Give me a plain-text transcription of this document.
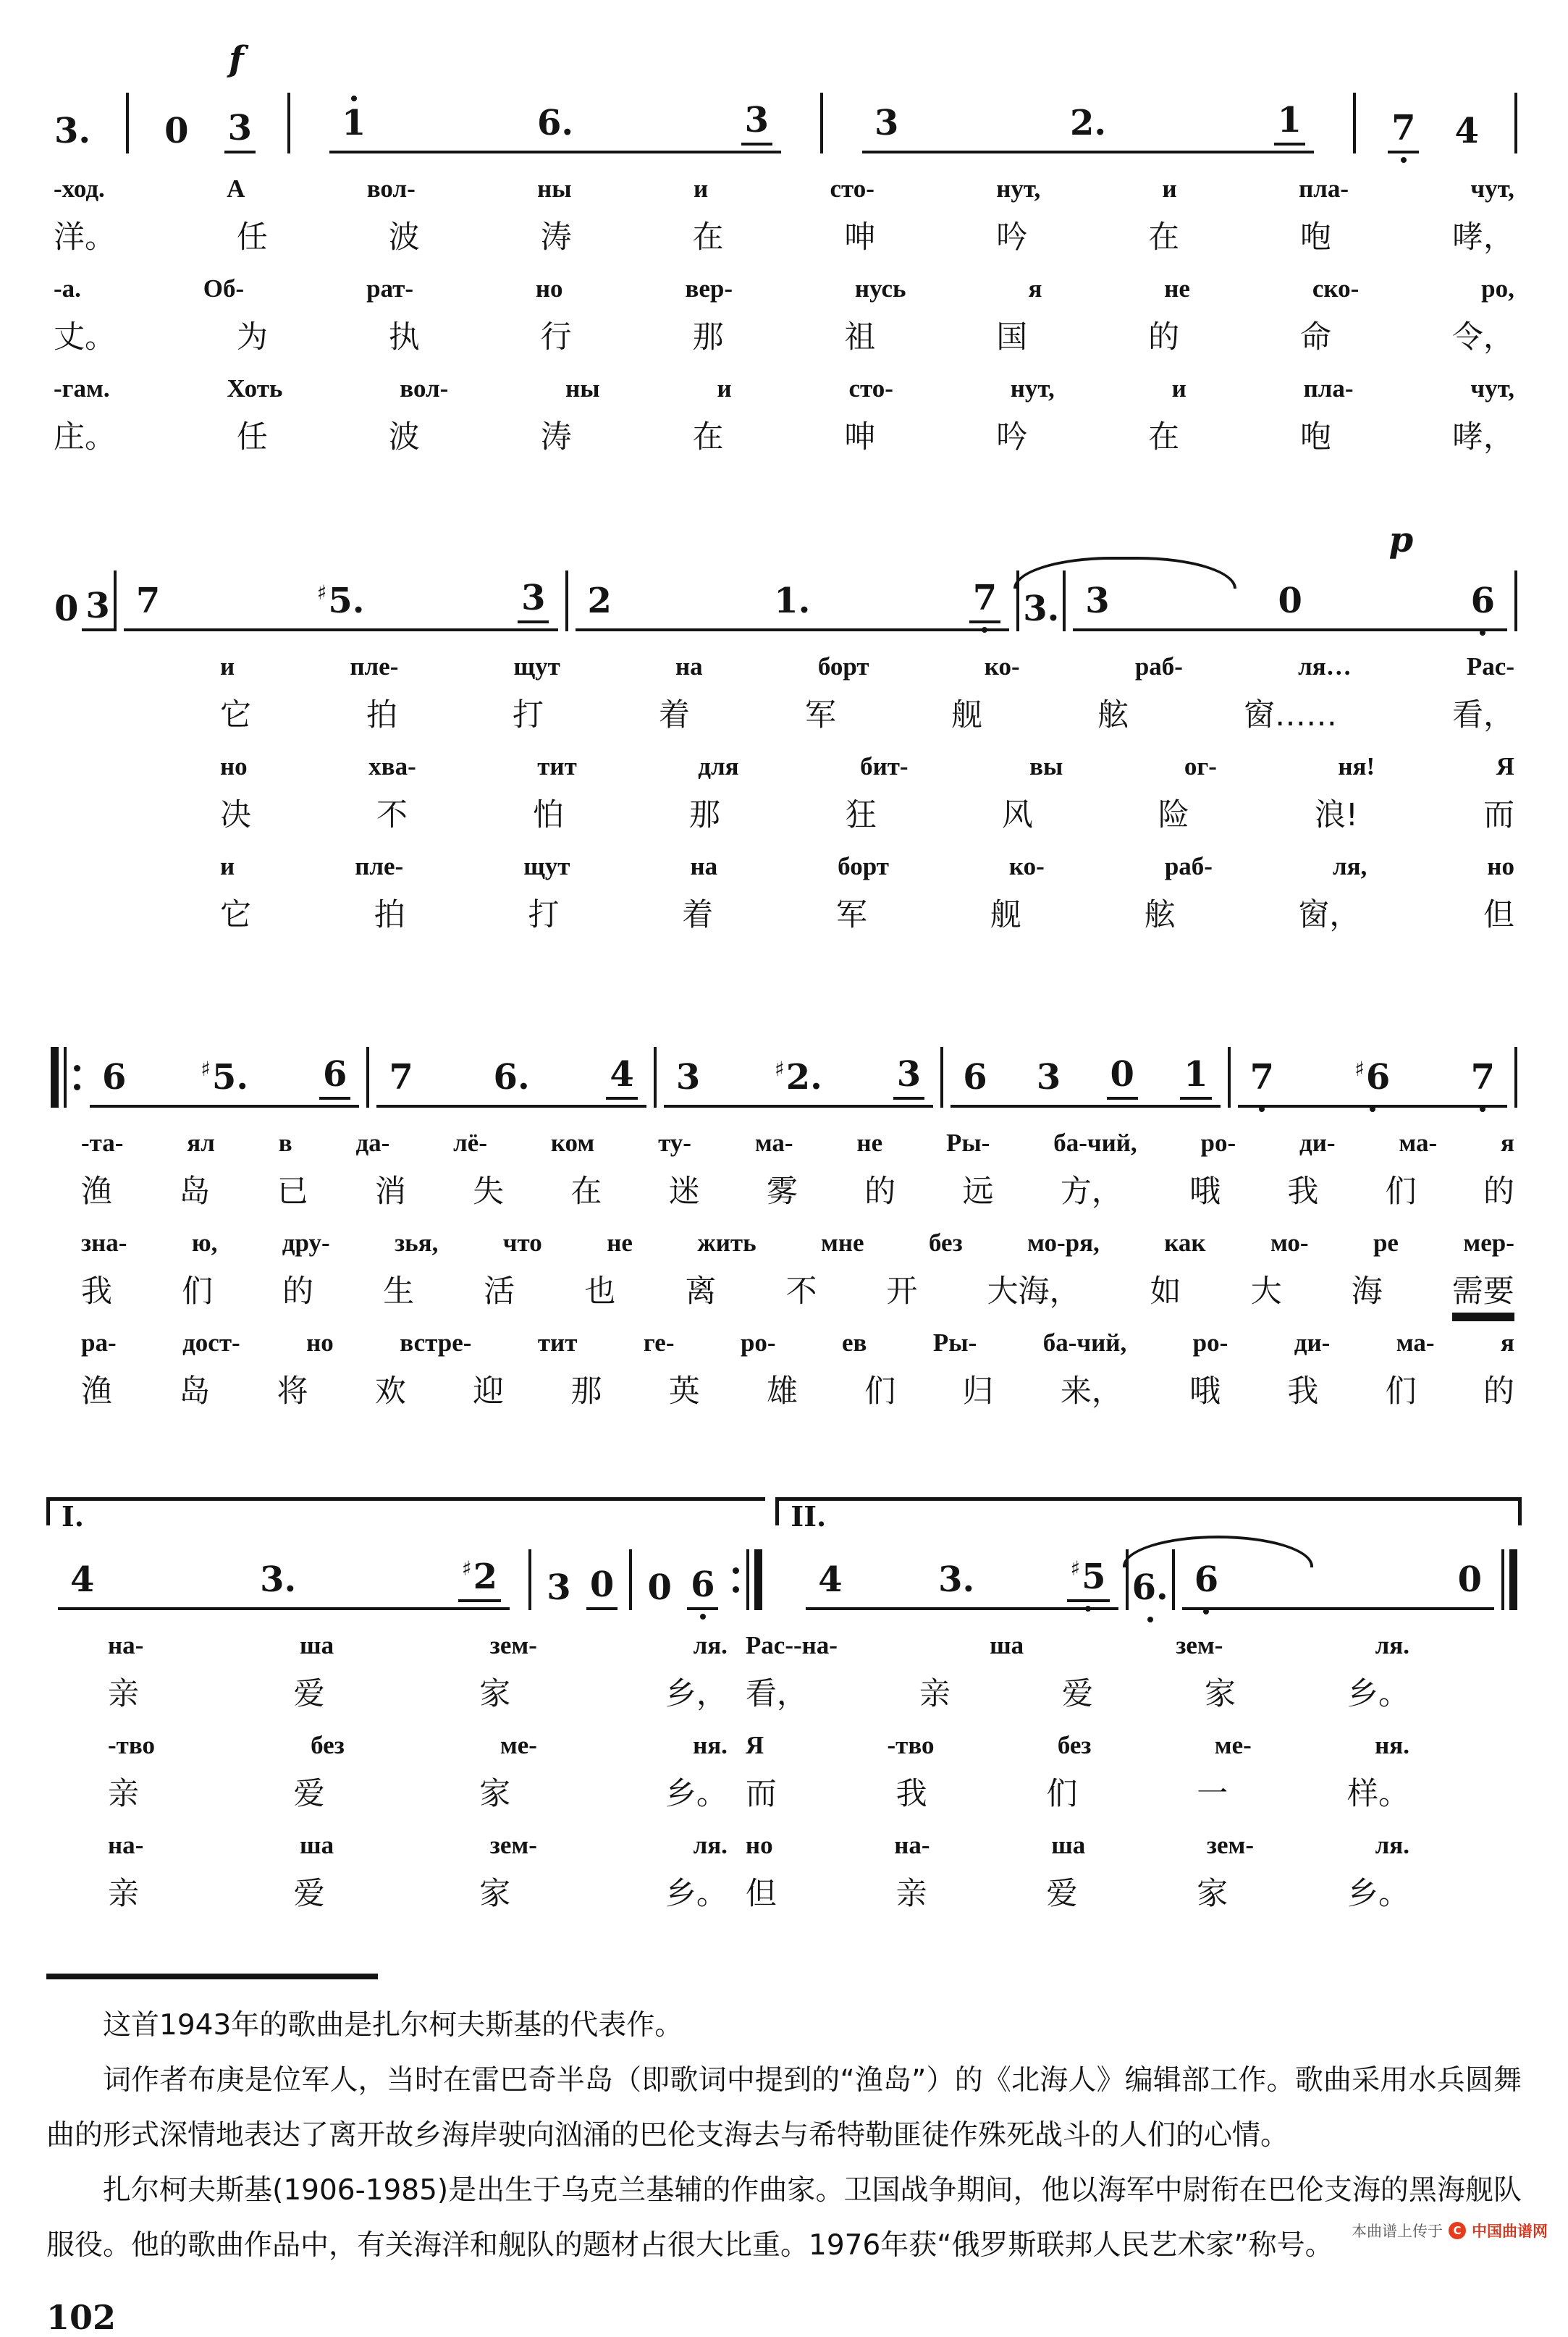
f
3. 0 3	1	6.	3	3	2.	1	7 4
-ход.	А	вол-	ны	и	сто-	нут,	и	пла-	чут,
洋。	任	波	涛	在	呻	吟	在	咆	哮，
-а.	Об-	рат-	но	вер-	нусь	я	не	ско-	ро,
丈。	为	执	行	那	祖	国	的	命	令，
-гам.	Хоть	вол-	ны	и	сто-	нут,	и	пла-	чут,
庄。	任	波	涛	在	呻	吟	在	咆	哮，
p
0 3 7	♯5.	3 2	1.	7 3. 3	0	6
и	пле-	щут	на	борт	ко-	раб-	ля…	Рас-
它	拍	打	着	军	舰	舷	窗……	看，
но	хва-	тит	для	бит-	вы	ог-	ня!	Я
决	不	怕	那	狂	风	险	浪!	而
и	пле-	щут	на	борт	ко-	раб-	ля,	но
它	拍	打	着	军	舰	舷	窗，	但
6	♯5. 6 7 6. 4 3	♯2. 3 6 3 0 1 7	♯6 7
-та-	ял	в	да-	лё-	ком	ту-	ма-	не	Ры-	ба-чий,	ро-	ди-	ма-	я
渔 岛 已 消 失 在 迷 雾 的 远 方， 哦 我 们 的
зна-	ю,	дру-	зья,	что	не	жить	мне	без	мо-ря,	как	мо-	ре	мер-
我 们 的 生 活 也 离 不 开 大海， 如 大 海 需要
ра-	дост-	но	встре-	тит	ге-	ро-	ев	Ры-	ба-чий,	ро-	ди-	ма-	я
渔 岛 将 欢 迎 那 英 雄 们 归 来， 哦 我 们 的
I.	II.
4	3.	♯2 3 0 0 6	4	3.	♯5 6. 6	0
на-	ша	зем-	ля. Рас--на-	ша	зем-	ля.
亲	爱	家	乡， 看，	亲	爱	家	乡。
-тво	без	ме-	ня. Я	-тво	без	ме-	ня.
亲	爱	家	乡。 而	我	们	一	样。
на-	ша	зем-	ля. но	на-	ша	зем-	ля.
亲	爱	家	乡。 但	亲	爱	家	乡。

这首1943年的歌曲是扎尔柯夫斯基的代表作。

词作者布庚是位军人，当时在雷巴奇半岛（即歌词中提到的“渔岛”）的《北海人》编辑部工作。歌曲采用水兵圆舞曲的形式深情地表达了离开故乡海岸驶向汹涌的巴伦支海去与希特勒匪徒作殊死战斗的人们的心情。

扎尔柯夫斯基(1906-1985)是出生于乌克兰基辅的作曲家。卫国战争期间，他以海军中尉衔在巴伦支海的黑海舰队服役。他的歌曲作品中，有关海洋和舰队的题材占很大比重。1976年获“俄罗斯联邦人民艺术家”称号。

102
本曲谱上传于 C 中国曲谱网
